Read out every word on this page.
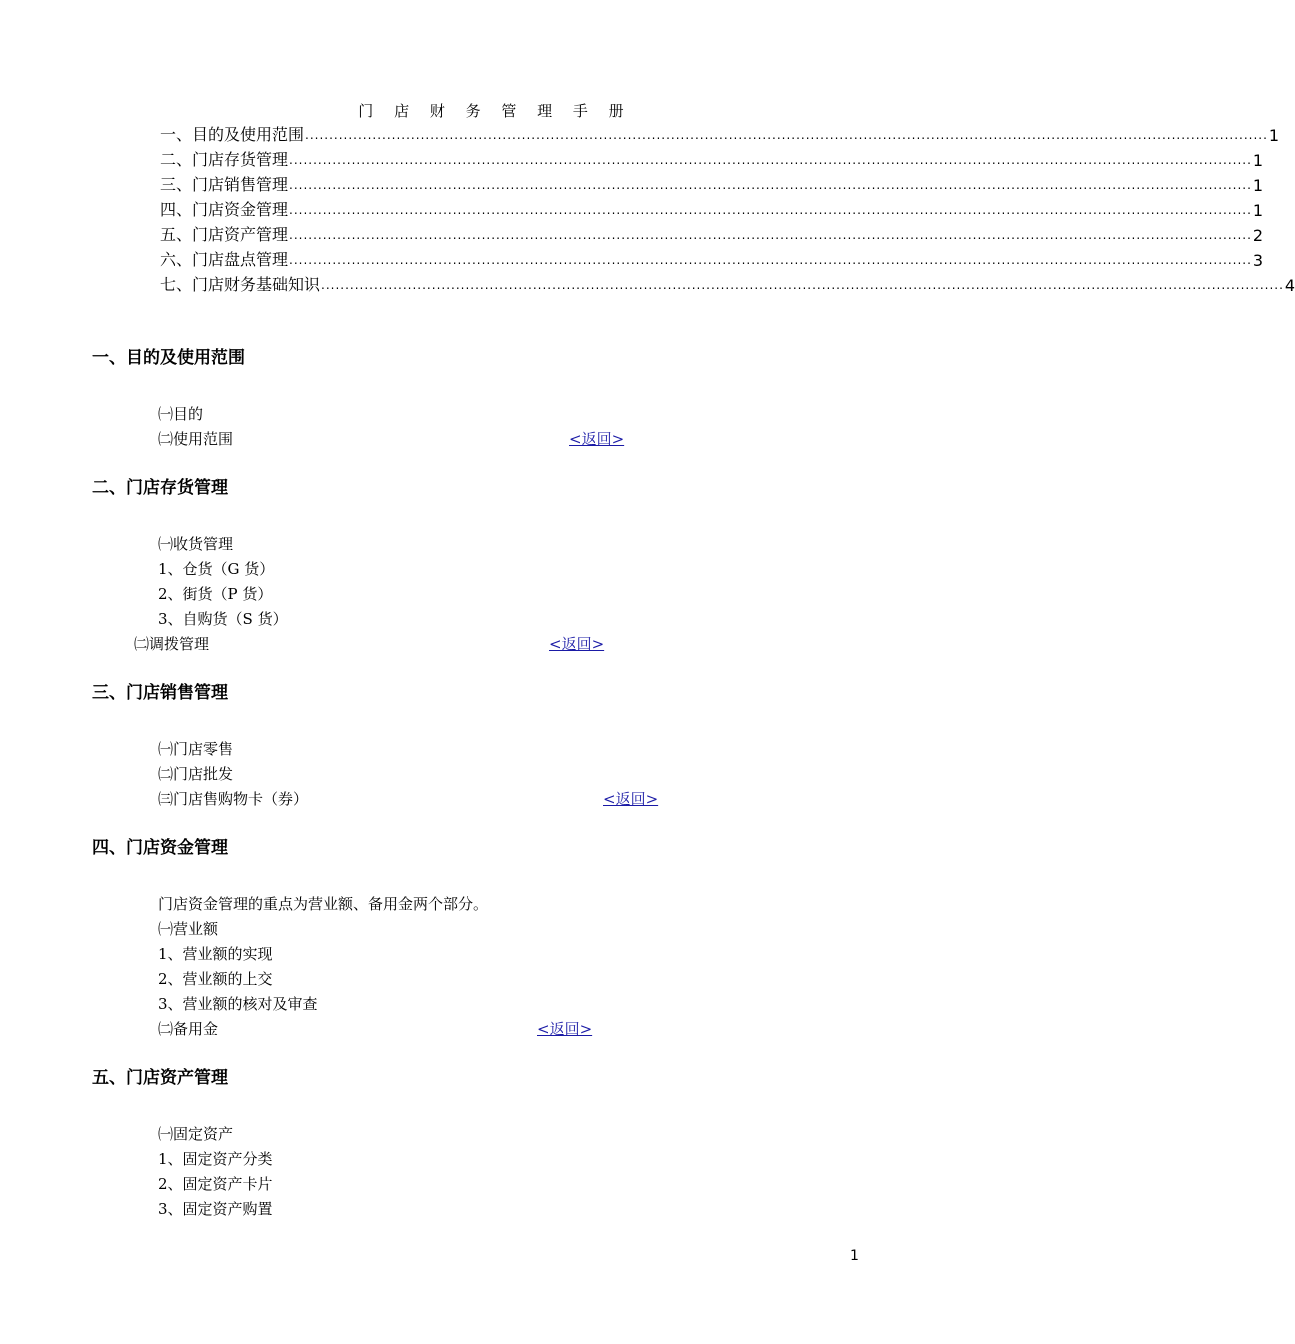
门 店 财 务 管 理 手 册
一、目的及使用范围 ........................................................................................................................................................................................................ 1
二、门店存货管理 ........................................................................................................................................................................................................ 1
三、门店销售管理 ........................................................................................................................................................................................................ 1
四、门店资金管理 ........................................................................................................................................................................................................ 1
五、门店资产管理 ........................................................................................................................................................................................................ 2
六、门店盘点管理 ........................................................................................................................................................................................................ 3
七、门店财务基础知识 ........................................................................................................................................................................................................ 4
一、目的及使用范围
㈠目的
㈡使用范围	<返回>
二、门店存货管理
㈠收货管理
1、仓货（G 货）
2、街货（P 货）
3、自购货（S 货）
㈡调拨管理	<返回>
三、门店销售管理
㈠门店零售
㈡门店批发
㈢门店售购物卡（券）	<返回>
四、门店资金管理
门店资金管理的重点为营业额、备用金两个部分。
㈠营业额
1、营业额的实现
2、营业额的上交
3、营业额的核对及审查
㈡备用金	<返回>
五、门店资产管理
㈠固定资产
1、固定资产分类
2、固定资产卡片
3、固定资产购置
1
